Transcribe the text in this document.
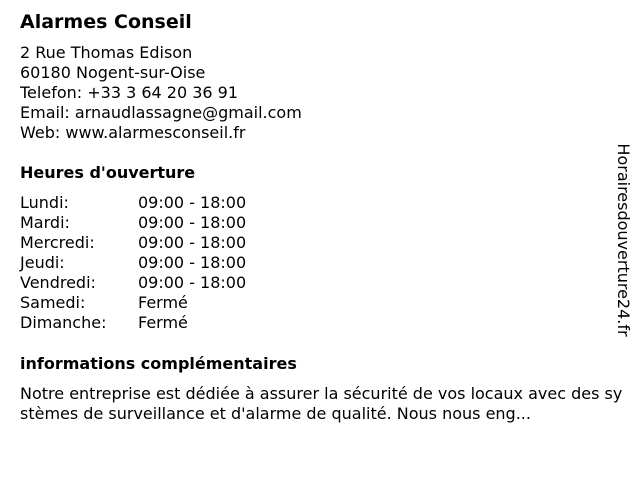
Alarmes Conseil
2 Rue Thomas Edison
60180 Nogent-sur-Oise
Telefon: +33 3 64 20 36 91
Email: arnaudlassagne@gmail.com
Web: www.alarmesconseil.fr
Heures d'ouverture
Lundi:	09:00 - 18:00
Mardi:	09:00 - 18:00
Mercredi:	09:00 - 18:00
Jeudi:	09:00 - 18:00
Vendredi:	09:00 - 18:00
Samedi:	Fermé
Dimanche:	Fermé
informations complémentaires
Notre entreprise est dédiée à assurer la sécurité de vos locaux avec des systèmes de surveillance et d'alarme de qualité. Nous nous eng...
Horairesdouverture24.fr
